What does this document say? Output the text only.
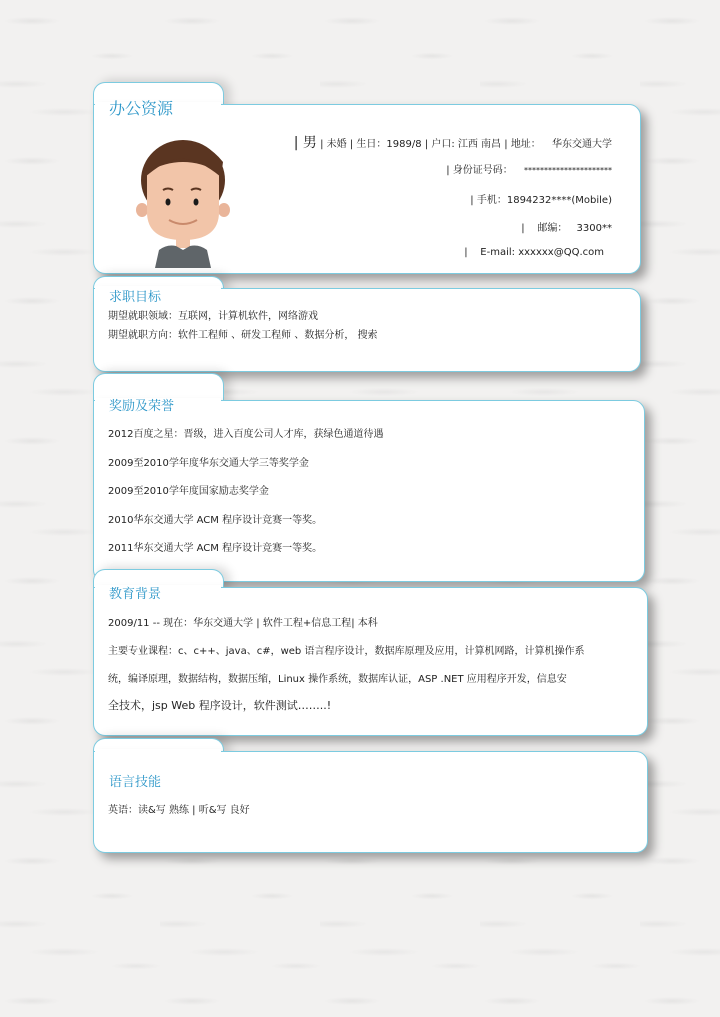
办公资源
| 男 | 未婚 | 生日：1989/8 | 户口: 江西 南昌 | 地址： 华东交通大学
| 身份证号码： **********************
| 手机：1894232****(Mobile)
|    邮编： 3300**
|    E-mail: xxxxxx@QQ.com
求职目标
期望就职领域：互联网，计算机软件，网络游戏
期望就职方向：软件工程师 、研发工程师 、数据分析， 搜索
奖励及荣誉
2012百度之星：晋级，进入百度公司人才库，获绿色通道待遇
2009至2010学年度华东交通大学三等奖学金
2009至2010学年度国家励志奖学金
2010华东交通大学 ACM 程序设计竞赛一等奖。
2011华东交通大学 ACM 程序设计竞赛一等奖。
教育背景
2009/11 -- 现在：华东交通大学 | 软件工程+信息工程| 本科
主要专业课程：c、c++、java、c#，web 语言程序设计，数据库原理及应用，计算机网路，计算机操作系
统，编译原理，数据结构，数据压缩，Linux 操作系统，数据库认证，ASP .NET 应用程序开发，信息安
全技术，jsp Web 程序设计，软件测试……..!
语言技能
英语：读&写 熟练 | 听&写 良好
